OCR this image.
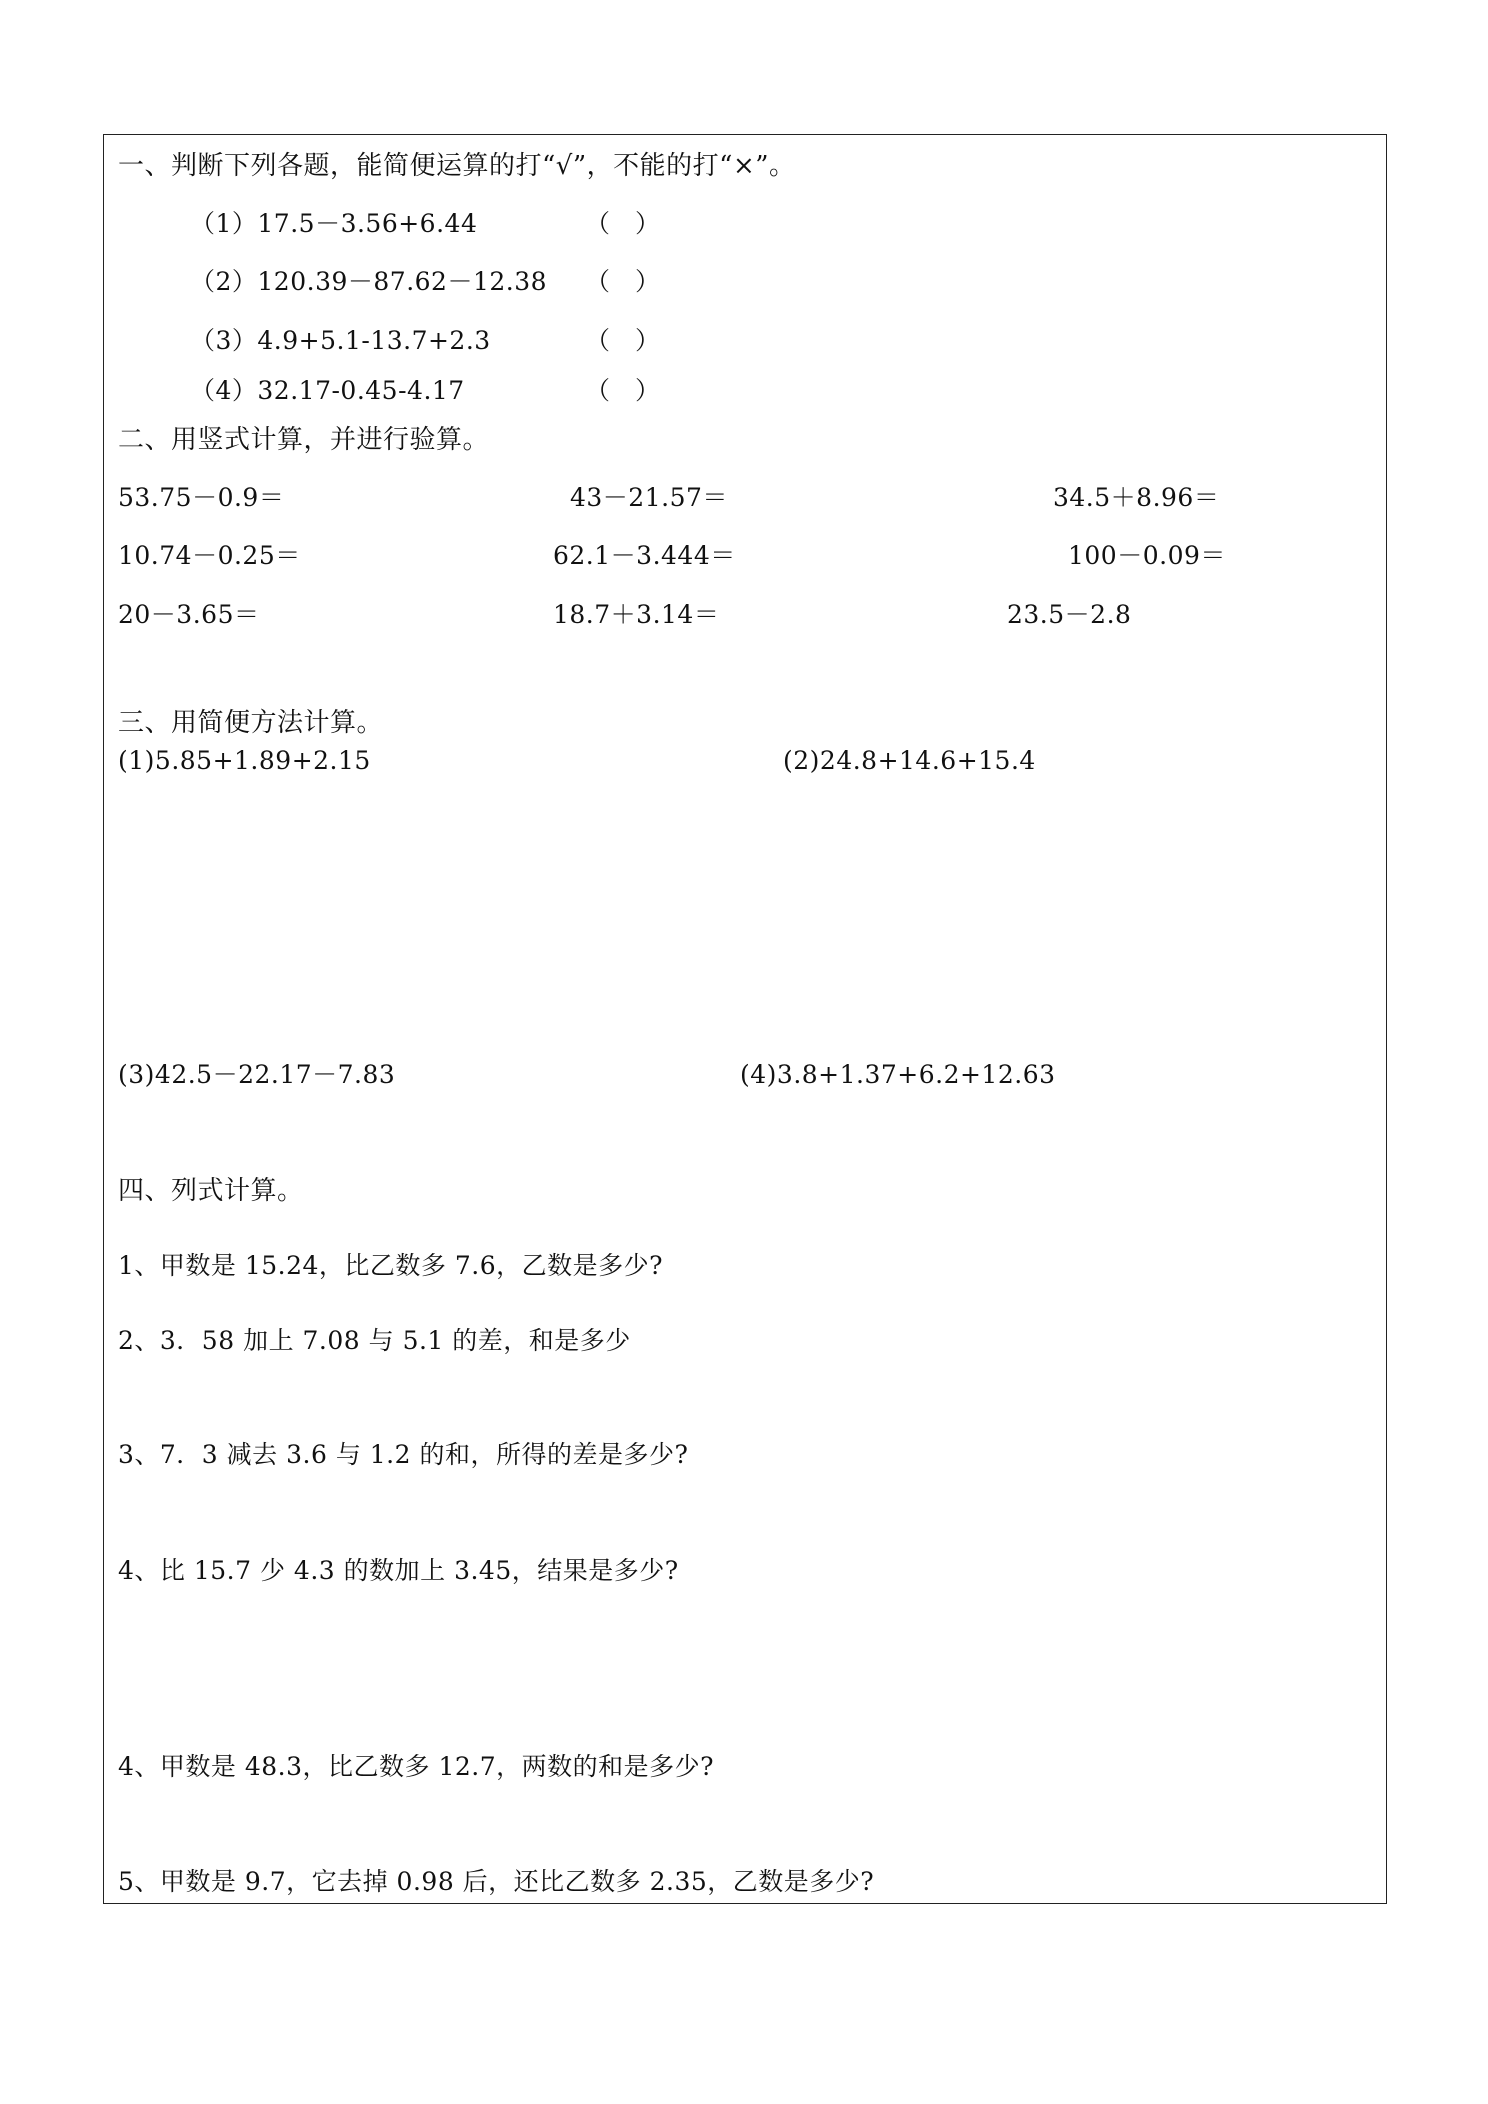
一、判断下列各题，能简便运算的打“√”，不能的打“×”。
（1）17.5－3.56+6.44	（　）
（2）120.39－87.62－12.38 （　）
（3）4.9+5.1-13.7+2.3	（　）
（4）32.17-0.45-4.17	（　）
二、用竖式计算，并进行验算。
53.75－0.9＝	43－21.57＝	34.5＋8.96＝
10.74－0.25＝	62.1－3.444＝	100－0.09＝
20－3.65＝	18.7＋3.14＝	23.5－2.8
三、用简便方法计算。
(1)5.85+1.89+2.15	(2)24.8+14.6+15.4
(3)42.5－22.17－7.83	(4)3.8+1.37+6.2+12.63
四、列式计算。
1、甲数是 15.24，比乙数多 7.6，乙数是多少?
2、3．58 加上 7.08 与 5.1 的差，和是多少
3、7．3 减去 3.6 与 1.2 的和，所得的差是多少?
4、比 15.7 少 4.3 的数加上 3.45，结果是多少?
4、甲数是 48.3，比乙数多 12.7，两数的和是多少?
5、甲数是 9.7，它去掉 0.98 后，还比乙数多 2.35，乙数是多少?
